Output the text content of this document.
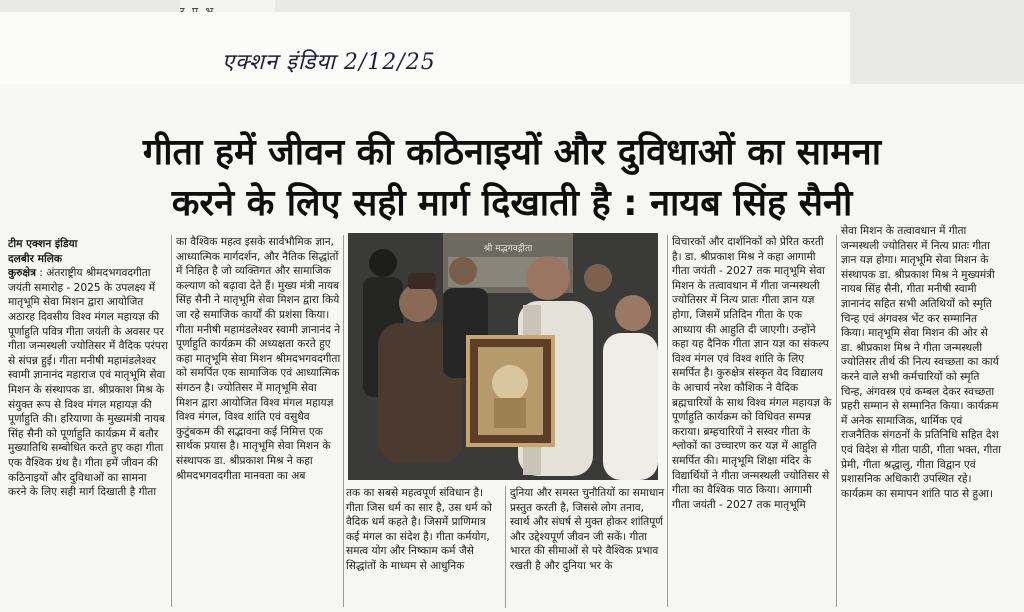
एक्शन इंडिया 2/12/25
गीता हमें जीवन की कठिनाइयों और दुविधाओं का सामना
करने के लिए सही मार्ग दिखाती है : नायब सिंह सैनी

टीम एक्शन इंडिया

दलबीर मलिक

कुरुक्षेत्र : अंतराष्ट्रीय श्रीमदभगवदगीता जयंती समारोह - 2025 के उपलक्ष्य में मातृभूमि सेवा मिशन द्वारा आयोजित अठारह दिवसीय विश्व मंगल महायज्ञ की पूर्णाहुति पवित्र गीता जयंती के अवसर पर गीता जन्मस्थली ज्योतिसर में वैदिक परंपरा से संपन्न हुई। गीता मनीषी महामंडलेश्वर स्वामी ज्ञानानंद महाराज एवं मातृभूमि सेवा मिशन के संस्थापक डा. श्रीप्रकाश मिश्र के संयुक्त रूप से विश्व मंगल महायज्ञ की पूर्णाहुति की। हरियाणा के मुख्यमंत्री नायब सिंह सैनी को पूर्णाहुति कार्यक्रम में बतौर मुख्यातिथि सम्बोधित करते हुए कहा गीता एक वैश्विक ग्रंथ है। गीता हमें जीवन की कठिनाइयों और दुविधाओं का सामना करने के लिए सही मार्ग दिखाती है गीता

का वैश्विक महत्व इसके सार्वभौमिक ज्ञान, आध्यात्मिक मार्गदर्शन, और नैतिक सिद्धांतों में निहित है जो व्यक्तिगत और सामाजिक कल्याण को बढ़ावा देते हैं। मुख्य मंत्री नायब सिंह सैनी ने मातृभूमि सेवा मिशन द्वारा किये जा रहे समाजिक कार्यों की प्रशंसा किया। गीता मनीषी महामंडलेश्वर स्वामी ज्ञानानंद ने पूर्णाहुति कार्यक्रम की अध्यक्षता करते हुए कहा मातृभूमि सेवा मिशन श्रीमदभगवदगीता को समर्पित एक सामाजिक एवं आध्यात्मिक संगठन है। ज्योतिसर में मातृभूमि सेवा मिशन द्वारा आयोजित विश्व मंगल महायज्ञ विश्व मंगल, विश्व शांति एवं वसुधैव कुटुंबकम की सद्भावना कई निमित्त एक सार्थक प्रयास है। मातृभूमि सेवा मिशन के संस्थापक डा. श्रीप्रकाश मिश्र ने कहा श्रीमदभगवदगीता मानवता का अब

श्री मद्भगवद्गीता

तक का सबसे महत्वपूर्ण संविधान है। गीता जिस धर्म का सार है, उस धर्म को वैदिक धर्म कहते है। जिसमें प्राणिमात्र कई मंगल का संदेश है। गीता कर्मयोग, समत्व योग और निष्काम कर्म जैसे सिद्धांतों के माध्यम से आधुनिक

दुनिया और समस्त चुनौतियों का समाधान प्रस्तुत करती है, जिससे लोग तनाव, स्वार्थ और संघर्ष से मुक्त होकर शांतिपूर्ण और उद्देश्यपूर्ण जीवन जी सकें। गीता भारत की सीमाओं से परे वैश्विक प्रभाव रखती है और दुनिया भर के

विचारकों और दार्शनिकों को प्रेरित करती है। डा. श्रीप्रकाश मिश्र ने कहा आगामी गीता जयंती - 2027 तक मातृभूमि सेवा मिशन के तत्वावधान में गीता जन्मस्थली ज्योतिसर में नित्य प्रातः गीता ज्ञान यज्ञ होगा, जिसमें प्रतिदिन गीता के एक आध्याय की आहुति दी जाएगी। उन्होंने कहा यह दैनिक गीता ज्ञान यज्ञ का संकल्प विश्व मंगल एवं विश्व शांति के लिए समर्पित है। कुरुक्षेत्र संस्कृत वेद विद्यालय के आचार्य नरेश कौशिक ने वैदिक ब्रह्मचारियों के साथ विश्व मंगल महायज्ञ के पूर्णाहुति कार्यक्रम को विधिवत सम्पन्न कराया। ब्रम्हचारियों ने सस्वर गीता के श्लोकों का उच्चारण कर यज्ञ में आहुति समर्पित की। मातृभूमि शिक्षा मंदिर के विद्यार्थियों ने गीता जन्मस्थली ज्योतिसर से गीता का वैश्विक पाठ किया। आगामी गीता जयंती - 2027 तक मातृभूमि

सेवा मिशन के तत्वावधान में गीता जन्मस्थली ज्योतिसर में नित्य प्रातः गीता ज्ञान यज्ञ होगा। मातृभूमि सेवा मिशन के संस्थापक डा. श्रीप्रकाश मिश्र ने मुख्यमंत्री नायब सिंह सैनी, गीता मनीषी स्वामी ज्ञानानंद सहित सभी अतिथियों को स्मृति चिन्ह एवं अंगवस्त्र भेंट कर सम्मानित किया। मातृभूमि सेवा मिशन की ओर से डा. श्रीप्रकाश मिश्र ने गीता जन्मस्थली ज्योतिसर तीर्थ की नित्य स्वच्छता का कार्य करने वाले सभी कर्मचारियों को स्मृति चिन्ह, अंगवस्त्र एवं कम्बल देकर स्वच्छता प्रहरी सम्मान से सम्मानित किया। कार्यक्रम में अनेक सामाजिक, धार्मिक एवं राजनैतिक संगठनों के प्रतिनिधि सहित देश एवं विदेश से गीता पाठी, गीता भक्त, गीता प्रेमी, गीता श्रद्धालु, गीता विद्वान एवं प्रशासनिक अधिकारी उपस्थित रहे। कार्यक्रम का समापन शांति पाठ से हुआ।
